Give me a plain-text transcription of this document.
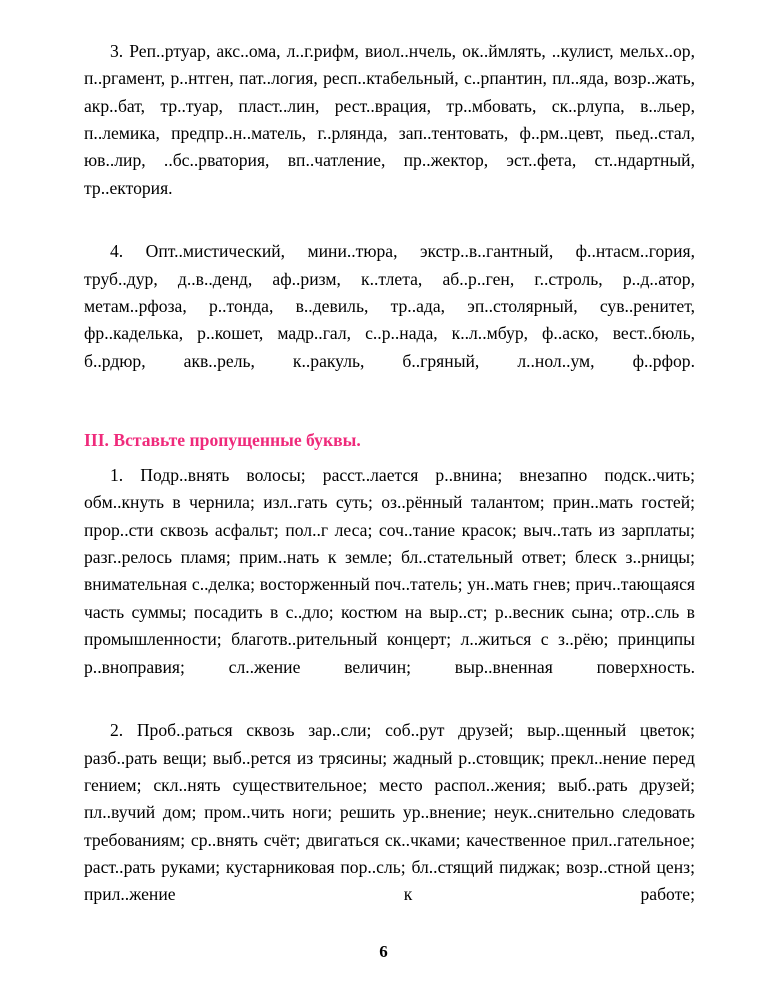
3. Реп..ртуар, акс..ома, л..г.рифм, виол..нчель, ок..ймлять, ..кулист, мельх..ор, п..ргамент, р..нтген, пат..логия, респ..ктабельный, с..рпантин, пл..яда, возр..жать, акр..бат, тр..туар, пласт..лин, рест..врация, тр..мбовать, ск..рлупа, в..льер, п..лемика, предпр..н..матель, г..рлянда, зап..тентовать, ф..рм..цевт, пьед..стал, юв..лир, ..бс..рватория, вп..чатление, пр..жектор, эст..фета, ст..ндартный, тр..ектория.

4. Опт..мистический, мини..тюра, экстр..в..гантный, ф..нтасм..гория, труб..дур, д..в..денд, аф..ризм, к..тлета, аб..р..ген, г..строль, р..д..атор, метам..рфоза, р..тонда, в..девиль, тр..ада, эп..столярный, сув..ренитет, фр..каделька, р..кошет, мадр..гал, с..р..нада, к..л..мбур, ф..аско, вест..бюль, б..рдюр, акв..рель, к..ракуль, б..гряный, л..нол..ум, ф..рфор.

III. Вставьте пропущенные буквы.

1. Подр..внять волосы; расст..лается р..внина; внезапно подск..чить; обм..кнуть в чернила; изл..гать суть; оз..рённый талантом; прин..мать гостей; прор..сти сквозь асфальт; пол..г леса; соч..тание красок; выч..тать из зарплаты; разг..релось пламя; прим..нать к земле; бл..стательный ответ; блеск з..рницы; внимательная с..делка; восторженный поч..татель; ун..мать гнев; прич..тающаяся часть суммы; посадить в с..дло; костюм на выр..ст; р..весник сына; отр..сль в промышленности; благотв..рительный концерт; л..житься с з..рёю; принципы р..вноправия; сл..жение величин; выр..вненная поверхность.

2. Проб..раться сквозь зар..сли; соб..рут друзей; выр..щенный цветок; разб..рать вещи; выб..рется из трясины; жадный р..стовщик; прекл..нение перед гением; скл..нять существительное; место распол..жения; выб..рать друзей; пл..вучий дом; пром..чить ноги; решить ур..внение; неук..снительно следовать требованиям; ср..внять счёт; двигаться ск..чками; качественное прил..гательное; раст..рать руками; кустарниковая пор..сль; бл..стящий пиджак; возр..стной ценз; прил..жение к работе;

6
